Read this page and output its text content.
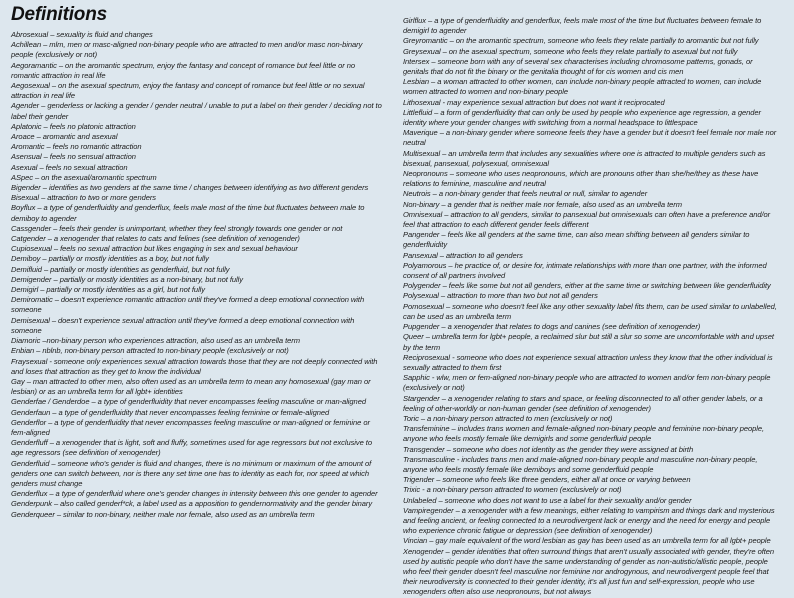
Definitions

Abrosexual – sexuality is fluid and changes

Achillean – mlm, men or masc-aligned non-binary people who are attracted to men and/or masc non-binary people (exclusively or not)

Aegoramantic – on the aromantic spectrum, enjoy the fantasy and concept of romance but feel little or no romantic attraction in real life

Aegosexual – on the asexual spectrum, enjoy the fantasy and concept of romance but feel little or no sexual attraction in real life

Agender – genderless or lacking a gender / gender neutral / unable to put a label on their gender / deciding not to label their gender

Aplatonic – feels no platonic attraction

Aroace – aromantic and asexual

Aromantic – feels no romantic attraction

Asensual – feels no sensual attraction

Asexual – feels no sexual attraction

ASpec – on the asexual/aromantic spectrum

Bigender – identifies as two genders at the same time / changes between identifying as two different genders

Bisexual – attraction to two or more genders

Boyflux – a type of genderfluidity and genderflux, feels male most of the time but fluctuates between male to demiboy to agender

Cassgender – feels their gender is unimportant, whether they feel strongly towards one gender or not

Catgender – a xenogender that relates to cats and felines (see definition of xenogender)

Cupiosexual – feels no sexual attraction but likes engaging in sex and sexual behaviour

Demiboy – partially or mostly identities as a boy, but not fully

Demifluid – partially or mostly identities as genderfluid, but not fully

Demigender – partially or mostly identities as a non-binary, but not fully

Demigirl – partially or mostly identities as a girl, but not fully

Demiromatic – doesn't experience romantic attraction until they've formed a deep emotional connection with someone

Demisexual – doesn't experience sexual attraction until they've formed a deep emotional connection with someone

Diamoric –non-binary person who experiences attraction, also used as an umbrella term

Enbian – nblnb, non-binary person attracted to non-binary people (exclusively or not)

Fraysexual - someone only experiences sexual attraction towards those that they are not deeply connected with and loses that attraction as they get to know the individual

Gay – man attracted to other men, also often used as an umbrella term to mean any homosexual (gay man or lesbian) or as an umbrella term for all lgbt+ identities

Genderfae / Genderdoe – a type of genderfluidity that never encompasses feeling masculine or man-aligned

Genderfaun – a type of genderfluidity that never encompasses feeling feminine or female-aligned

Genderflor – a type of genderfluidity that never encompasses feeling masculine or man-aligned or feminine or fem-aligned

Genderfluff – a xenogender that is light, soft and fluffy, sometimes used for age regressors but not exclusive to age regressors (see definition of xenogender)

Genderfluid – someone who's gender is fluid and changes, there is no minimum or maximum of the amount of genders one can switch between, nor is there any set time one has to identity as each for, nor speed at which genders must change

Genderflux – a type of genderfluid where one's gender changes in intensity between this one gender to agender

Genderpunk – also called genderf*ck, a label used as a apposition to gendernormativity and the gender binary

Genderqueer – similar to non-binary, neither male nor female, also used as an umbrella term

Girlflux – a type of genderfluidity and genderflux, feels male most of the time but fluctuates between female to demigirl to agender

Greyromantic – on the aromantic spectrum, someone who feels they relate partially to aromantic but not fully

Greysexual – on the asexual spectrum, someone who feels they relate partially to asexual but not fully

Intersex – someone born with any of several sex characterises including chromosome patterns, gonads, or genitals that do not fit the binary or the genitalia thought of for cis women and cis men

Lesbian – a woman attracted to other women, can include non-binary people attracted to women, can include women attracted to women and non-binary people

Lithosexual - may experience sexual attraction but does not want it reciprocated

Littlefluid – a form of genderfluidity that can only be used by people who experience age regression, a gender identity where your gender changes with switching from a normal headspace to littlespace

Maverique – a non-binary gender where someone feels they have a gender but it doesn't feel female nor male nor neutral

Multisexual – an umbrella term that includes any sexualities where one is attracted to multiple genders such as bisexual, pansexual, polysexual, omnisexual

Neopronouns – someone who uses neopronouns, which are pronouns other than she/he/they as these have relations to feminine, masculine and neutral

Neutrois – a non-binary gender that feels neutral or null, similar to agender

Non-binary – a gender that is neither male nor female, also used as an umbrella term

Omnisexual – attraction to all genders, similar to pansexual but omnisexuals can often have a preference and/or feel that attraction to each different gender feels different

Pangender – feels like all genders at the same time, can also mean shifting between all genders similar to genderfluidity

Pansexual – attraction to all genders

Polyamorous – he practice of, or desire for, intimate relationships with more than one partner, with the informed consent of all partners involved

Polygender – feels like some but not all genders, either at the same time or switching between like genderfluidity

Polysexual – attraction to more than two but not all genders

Pomosexual – someone who doesn't feel like any other sexuality label fits them, can be used similar to unlabelled, can be used as an umbrella term

Pupgender – a xenogender that relates to dogs and canines (see definition of xenogender)

Queer – umbrella term for lgbt+ people, a reclaimed slur but still a slur so some are uncomfortable with and upset by the term

Reciprosexual - someone who does not experience sexual attraction unless they know that the other individual is sexually attracted to them first

Sapphic - wlw, men or fem-aligned non-binary people who are attracted to women and/or fem non-binary people (exclusively or not)

Stargender – a xenogender relating to stars and space, or feeling disconnected to all other gender labels, or a feeling of other-worldly or non-human gender (see definition of xenogender)

Toric – a non-binary person attracted to men (exclusively or not)

Transfeminine – includes trans women and female-aligned non-binary people and feminine non-binary people, anyone who feels mostly female like demigirls and some genderfluid people

Transgender – someone who does not identity as the gender they were assigned at birth

Transmasculine - includes trans men and male-aligned non-binary people and masculine non-binary people, anyone who feels mostly female like demiboys and some genderfluid people

Trigender – someone who feels like three genders, either all at once or varying between

Trixic - a non-binary person attracted to women (exclusively or not)

Unlabeled – someone who does not want to use a label for their sexuality and/or gender

Vampiregender – a xenogender with a few meanings, either relating to vampirism and things dark and mysterious and feeling ancient, or feeling connected to a neurodivergent lack or energy and the need for energy and people who experience chronic fatigue or depression (see definition of xenogender)

Vincian – gay male equivalent of the word lesbian as gay has been used as an umbrella term for all lgbt+ people

Xenogender – gender identities that often surround things that aren't usually associated with gender, they're often used by autistic people who don't have the same understanding of gender as non-autistic/allistic people, people who feel their gender doesn't feel masculine nor feminine nor androgynous, and neurodivergent people feel that their neurodiversity is connected to their gender identity, it's all just fun and self-expression, people who use xenogenders often also use neopronouns, but not always
